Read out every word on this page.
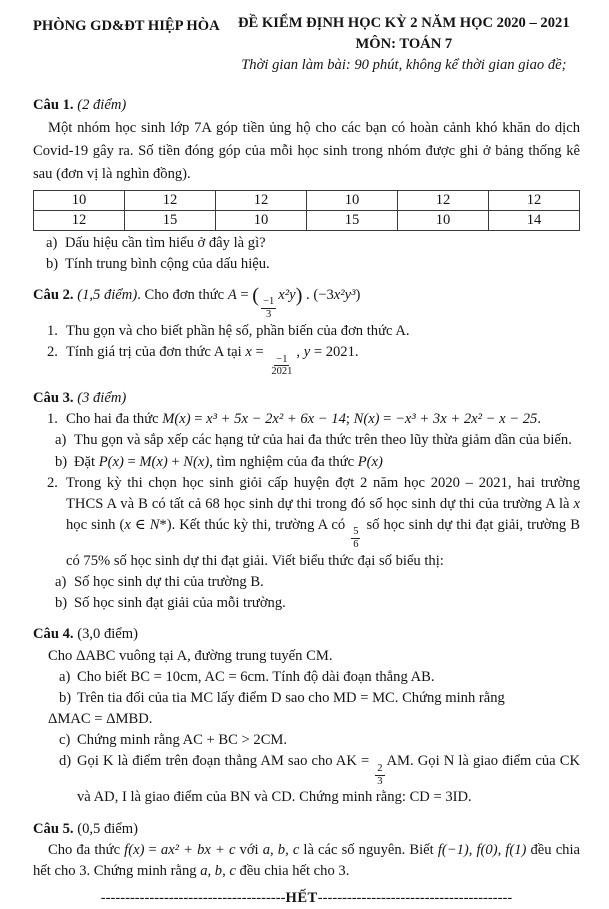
PHÒNG GD&ĐT HIỆP HÒA	ĐỀ KIỂM ĐỊNH HỌC KỲ 2 NĂM HỌC 2020 – 2021
MÔN: TOÁN 7
Thời gian làm bài: 90 phút, không kể thời gian giao đề;
Câu 1. (2 điểm)

Một nhóm học sinh lớp 7A góp tiền ủng hộ cho các bạn có hoàn cảnh khó khăn do dịch Covid-19 gây ra. Số tiền đóng góp của mỗi học sinh trong nhóm được ghi ở bảng thống kê sau (đơn vị là nghìn đồng).

10	12	12	10	12	12
12	15	10	15	10	14
a) Dấu hiệu cần tìm hiểu ở đây là gì?
b) Tính trung bình cộng của dấu hiệu.
Câu 2. (1,5 điểm). Cho đơn thức A = (
$\frac{-1}{3}$
x²y) . (−3x²y³)
1. Thu gọn và cho biết phần hệ số, phần biến của đơn thức A.
2. Tính giá trị của đơn thức A tại x =
$\frac{-1}{2021}$
, y = 2021.
Câu 3. (3 điểm)
1. Cho hai đa thức M(x) = x³ + 5x − 2x² + 6x − 14; N(x) = −x³ + 3x + 2x² − x − 25.
a) Thu gọn và sắp xếp các hạng tử của hai đa thức trên theo lũy thừa giảm dần của biến.
b) Đặt P(x) = M(x) + N(x), tìm nghiệm của đa thức P(x)
2. Trong kỳ thi chọn học sinh giỏi cấp huyện đợt 2 năm học 2020 – 2021, hai trường THCS A và B có tất cả 68 học sinh dự thi trong đó số học sinh dự thi của trường A là x học sinh (x ∈ N*). Kết thúc kỳ thi, trường A có
$\frac{5}{6}$
số học sinh dự thi đạt giải, trường B có 75% số học sinh dự thi đạt giải. Viết biểu thức đại số biểu thị:
a) Số học sinh dự thi của trường B.
b) Số học sinh đạt giải của mỗi trường.
Câu 4. (3,0 điểm)

Cho ΔABC vuông tại A, đường trung tuyến CM.

a) Cho biết BC = 10cm, AC = 6cm. Tính độ dài đoạn thẳng AB.
b) Trên tia đối của tia MC lấy điểm D sao cho MD = MC. Chứng minh rằng
ΔMAC = ΔMBD.
c) Chứng minh rằng AC + BC > 2CM.
d) Gọi K là điểm trên đoạn thẳng AM sao cho AK =
$\frac{2}{3}$
AM. Gọi N là giao điểm của CK và AD, I là giao điểm của BN và CD. Chứng minh rằng: CD = 3ID.
Câu 5. (0,5 điểm)

Cho đa thức f(x) = ax² + bx + c với a, b, c là các số nguyên. Biết f(−1), f(0), f(1) đều chia hết cho 3. Chứng minh rằng a, b, c đều chia hết cho 3.

--------------------------------------HẾT----------------------------------------
